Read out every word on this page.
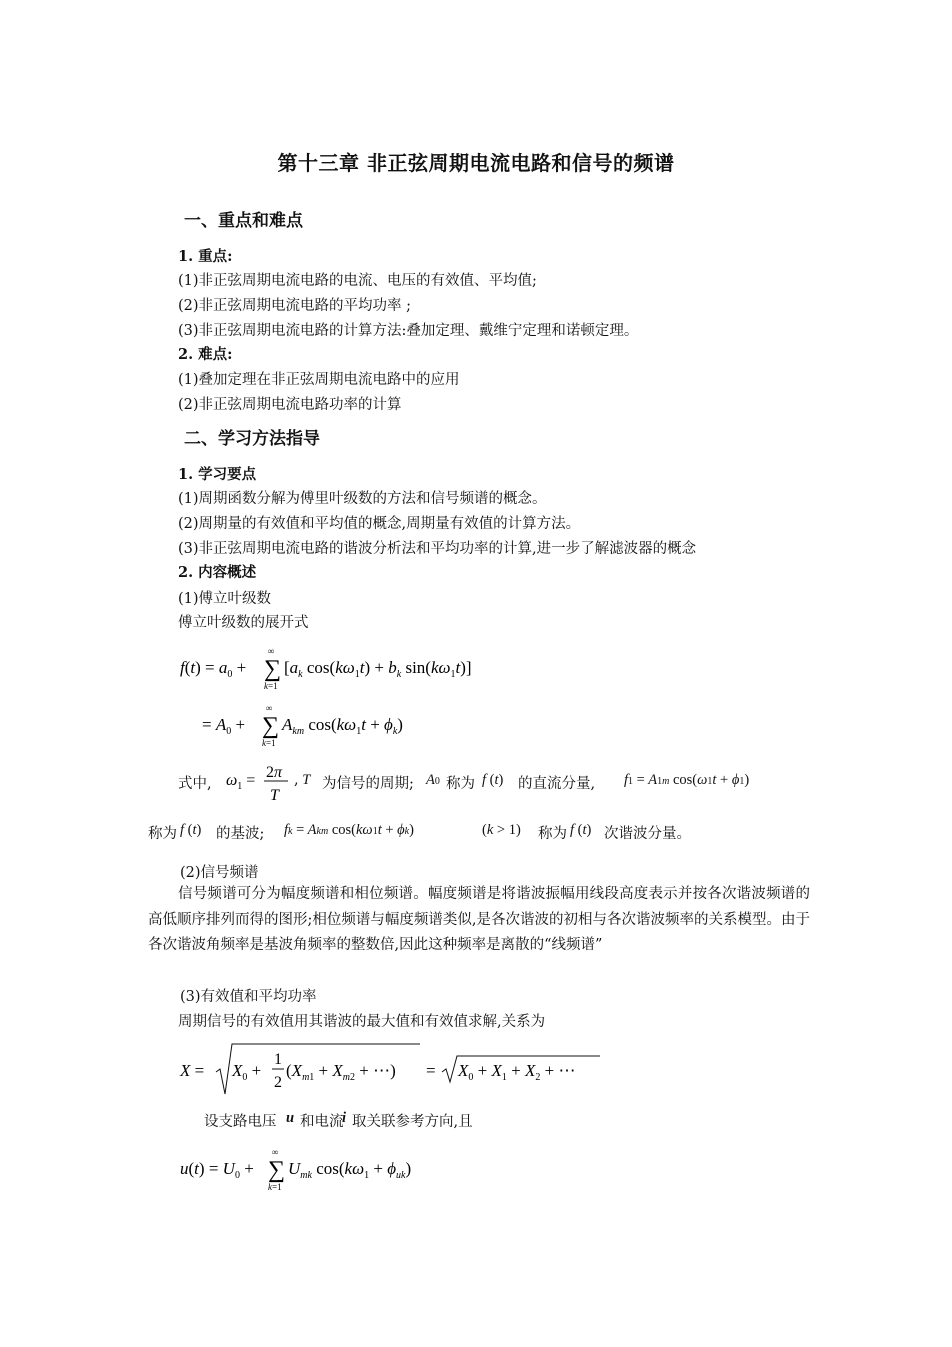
第十三章 非正弦周期电流电路和信号的频谱
一、重点和难点
1. 重点:
(1)非正弦周期电流电路的电流、电压的有效值、平均值;
(2)非正弦周期电流电路的平均功率 ;
(3)非正弦周期电流电路的计算方法:叠加定理、戴维宁定理和诺顿定理。
2. 难点:
(1)叠加定理在非正弦周期电流电路中的应用
(2)非正弦周期电流电路功率的计算
二、学习方法指导
1. 学习要点
(1)周期函数分解为傅里叶级数的方法和信号频谱的概念。
(2)周期量的有效值和平均值的概念,周期量有效值的计算方法。
(3)非正弦周期电流电路的谐波分析法和平均功率的计算,进一步了解滤波器的概念
2. 内容概述
(1)傅立叶级数
傅立叶级数的展开式
$f(t) = a_0$ +
∞
∑
k=1
[$a_k$ $\cos(k\omega_1t) + b_k$ $\sin(k\omega_1t)$]
= $A_0$ +
∞
∑
k=1
$A_{km}$ $\cos(k\omega_1t + \phi_k)$
式中, $\omega_1 = 2\pi$
T
, T 为信号的周期; A0 称为 f (t) 的直流分量, f1 = A1m cos(ω1t + ϕ1)
称为 f (t) 的基波; fk = Akm cos(kω1t + ϕk)	(k > 1) 称为 f (t) 次谐波分量。
(2)信号频谱
信号频谱可分为幅度频谱和相位频谱。幅度频谱是将谐波振幅用线段高度表示并按各次谐波频谱的高低顺序排列而得的图形;相位频谱与幅度频谱类似,是各次谐波的初相与各次谐波频率的关系模型。由于各次谐波角频率是基波角频率的整数倍,因此这种频率是离散的“线频谱”
(3)有效值和平均功率
周期信号的有效值用其谐波的最大值和有效值求解,关系为
$X = X_0$ +
1
2
($X_m1 + X_m2$ + ⋯) = $X_0 + X_1 + X_2$ + ⋯
设支路电压 u 和电流
i 取关联参考方向,且
$u(t) = U_0$ +
∞
∑
k=1
$U_{mk}$ $\cos(k\omega_1 + \phi_{uk})$
